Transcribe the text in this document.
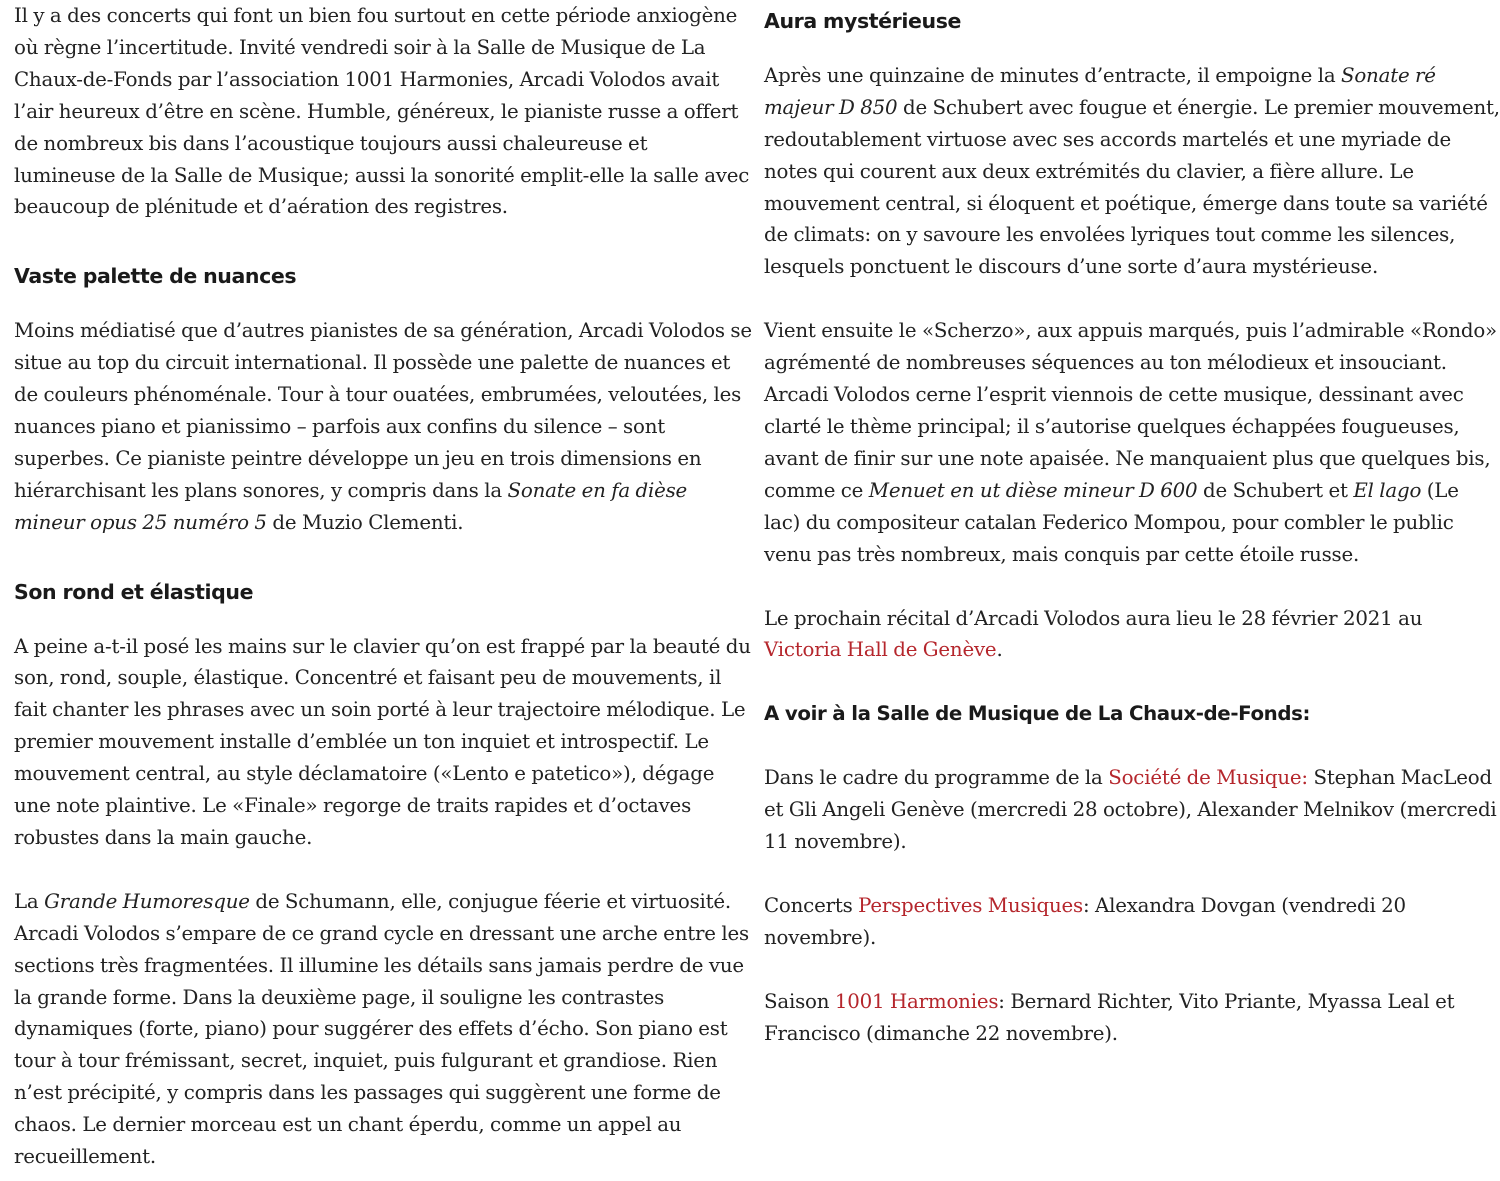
Il y a des concerts qui font un bien fou surtout en cette période anxiogène où règne l’incertitude. Invité vendredi soir à la Salle de Musique de La Chaux-de-Fonds par l’association 1001 Harmonies, Arcadi Volodos avait l’air heureux d’être en scène. Humble, généreux, le pianiste russe a offert de nombreux bis dans l’acoustique toujours aussi chaleureuse et lumineuse de la Salle de Musique; aussi la sonorité emplit-elle la salle avec beaucoup de plénitude et d’aération des registres.

Vaste palette de nuances

Moins médiatisé que d’autres pianistes de sa génération, Arcadi Volodos se situe au top du circuit international. Il possède une palette de nuances et de couleurs phénoménale. Tour à tour ouatées, embrumées, veloutées, les nuances piano et pianissimo – parfois aux confins du silence – sont superbes. Ce pianiste peintre développe un jeu en trois dimensions en hiérarchisant les plans sonores, y compris dans la Sonate en fa dièse mineur opus 25 numéro 5 de Muzio Clementi.

Son rond et élastique

A peine a-t-il posé les mains sur le clavier qu’on est frappé par la beauté du son, rond, souple, élastique. Concentré et faisant peu de mouvements, il fait chanter les phrases avec un soin porté à leur trajectoire mélodique. Le premier mouvement installe d’emblée un ton inquiet et introspectif. Le mouvement central, au style déclamatoire («Lento e patetico»), dégage une note plaintive. Le «Finale» regorge de traits rapides et d’octaves robustes dans la main gauche.

La Grande Humoresque de Schumann, elle, conjugue féerie et virtuosité. Arcadi Volodos s’empare de ce grand cycle en dressant une arche entre les sections très fragmentées. Il illumine les détails sans jamais perdre de vue la grande forme. Dans la deuxième page, il souligne les contrastes dynamiques (forte, piano) pour suggérer des effets d’écho. Son piano est tour à tour frémissant, secret, inquiet, puis fulgurant et grandiose. Rien n’est précipité, y compris dans les passages qui suggèrent une forme de chaos. Le dernier morceau est un chant éperdu, comme un appel au recueillement.

Aura mystérieuse

Après une quinzaine de minutes d’entracte, il empoigne la Sonate ré majeur D 850 de Schubert avec fougue et énergie. Le premier mouvement, redoutablement virtuose avec ses accords martelés et une myriade de notes qui courent aux deux extrémités du clavier, a fière allure. Le mouvement central, si éloquent et poétique, émerge dans toute sa variété de climats: on y savoure les envolées lyriques tout comme les silences, lesquels ponctuent le discours d’une sorte d’aura mystérieuse.

Vient ensuite le «Scherzo», aux appuis marqués, puis l’admirable «Rondo» agrémenté de nombreuses séquences au ton mélodieux et insouciant. Arcadi Volodos cerne l’esprit viennois de cette musique, dessinant avec clarté le thème principal; il s’autorise quelques échappées fougueuses, avant de finir sur une note apaisée. Ne manquaient plus que quelques bis, comme ce Menuet en ut dièse mineur D 600 de Schubert et El lago (Le lac) du compositeur catalan Federico Mompou, pour combler le public venu pas très nombreux, mais conquis par cette étoile russe.

Le prochain récital d’Arcadi Volodos aura lieu le 28 février 2021 au Victoria Hall de Genève.

A voir à la Salle de Musique de La Chaux-de-Fonds:

Dans le cadre du programme de la Société de Musique: Stephan MacLeod et Gli Angeli Genève (mercredi 28 octobre), Alexander Melnikov (mercredi 11 novembre).

Concerts Perspectives Musiques: Alexandra Dovgan (vendredi 20 novembre).

Saison 1001 Harmonies: Bernard Richter, Vito Priante, Myassa Leal et Francisco (dimanche 22 novembre).
